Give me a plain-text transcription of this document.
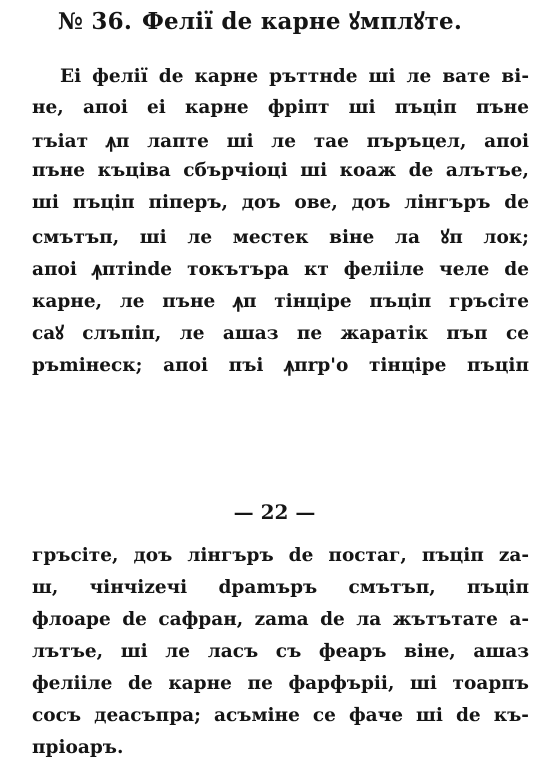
№ 36. Фелії de карне ꙋмплꙋте.
Ei фелії de карне ръттнde ші ле вате ві-
не, апоі еі карне фрiпт ші пъціп пъне
тъіат ꙟп лапте ші ле тае пъръцел, апоі
пъне къціва сбърчіоці ші коаж de алътъе,
ші пъціп піперъ, доъ ове, доъ лінгъръ de
смътъп, ші ле местек віне ла ꙋп лок;
апоі ꙟптinde токътъра кт фелііле челе de
карне, ле пъне ꙟп тінціре пъціп гръсіте
саꙋ слъпіп, ле ашаз пе жаратік пъп се
ръmiнеск; апоі пъі ꙟпrp'o тінціре пъціп
— 22 —
гръсіте, доъ лінгъръ de постаг, пъціп za-
ш, чінчіzечі dpamъръ смътъп, пъціп
флоаре de сафран, zama de ла жътътате а-
лътъe, ші ле ласъ съ феаръ віне, ашаз
фелііле de карне пе фарфъріі, ші тоарпъ
сосъ деасъпра; асъміне се фаче ші de къ-
пріоаръ.
